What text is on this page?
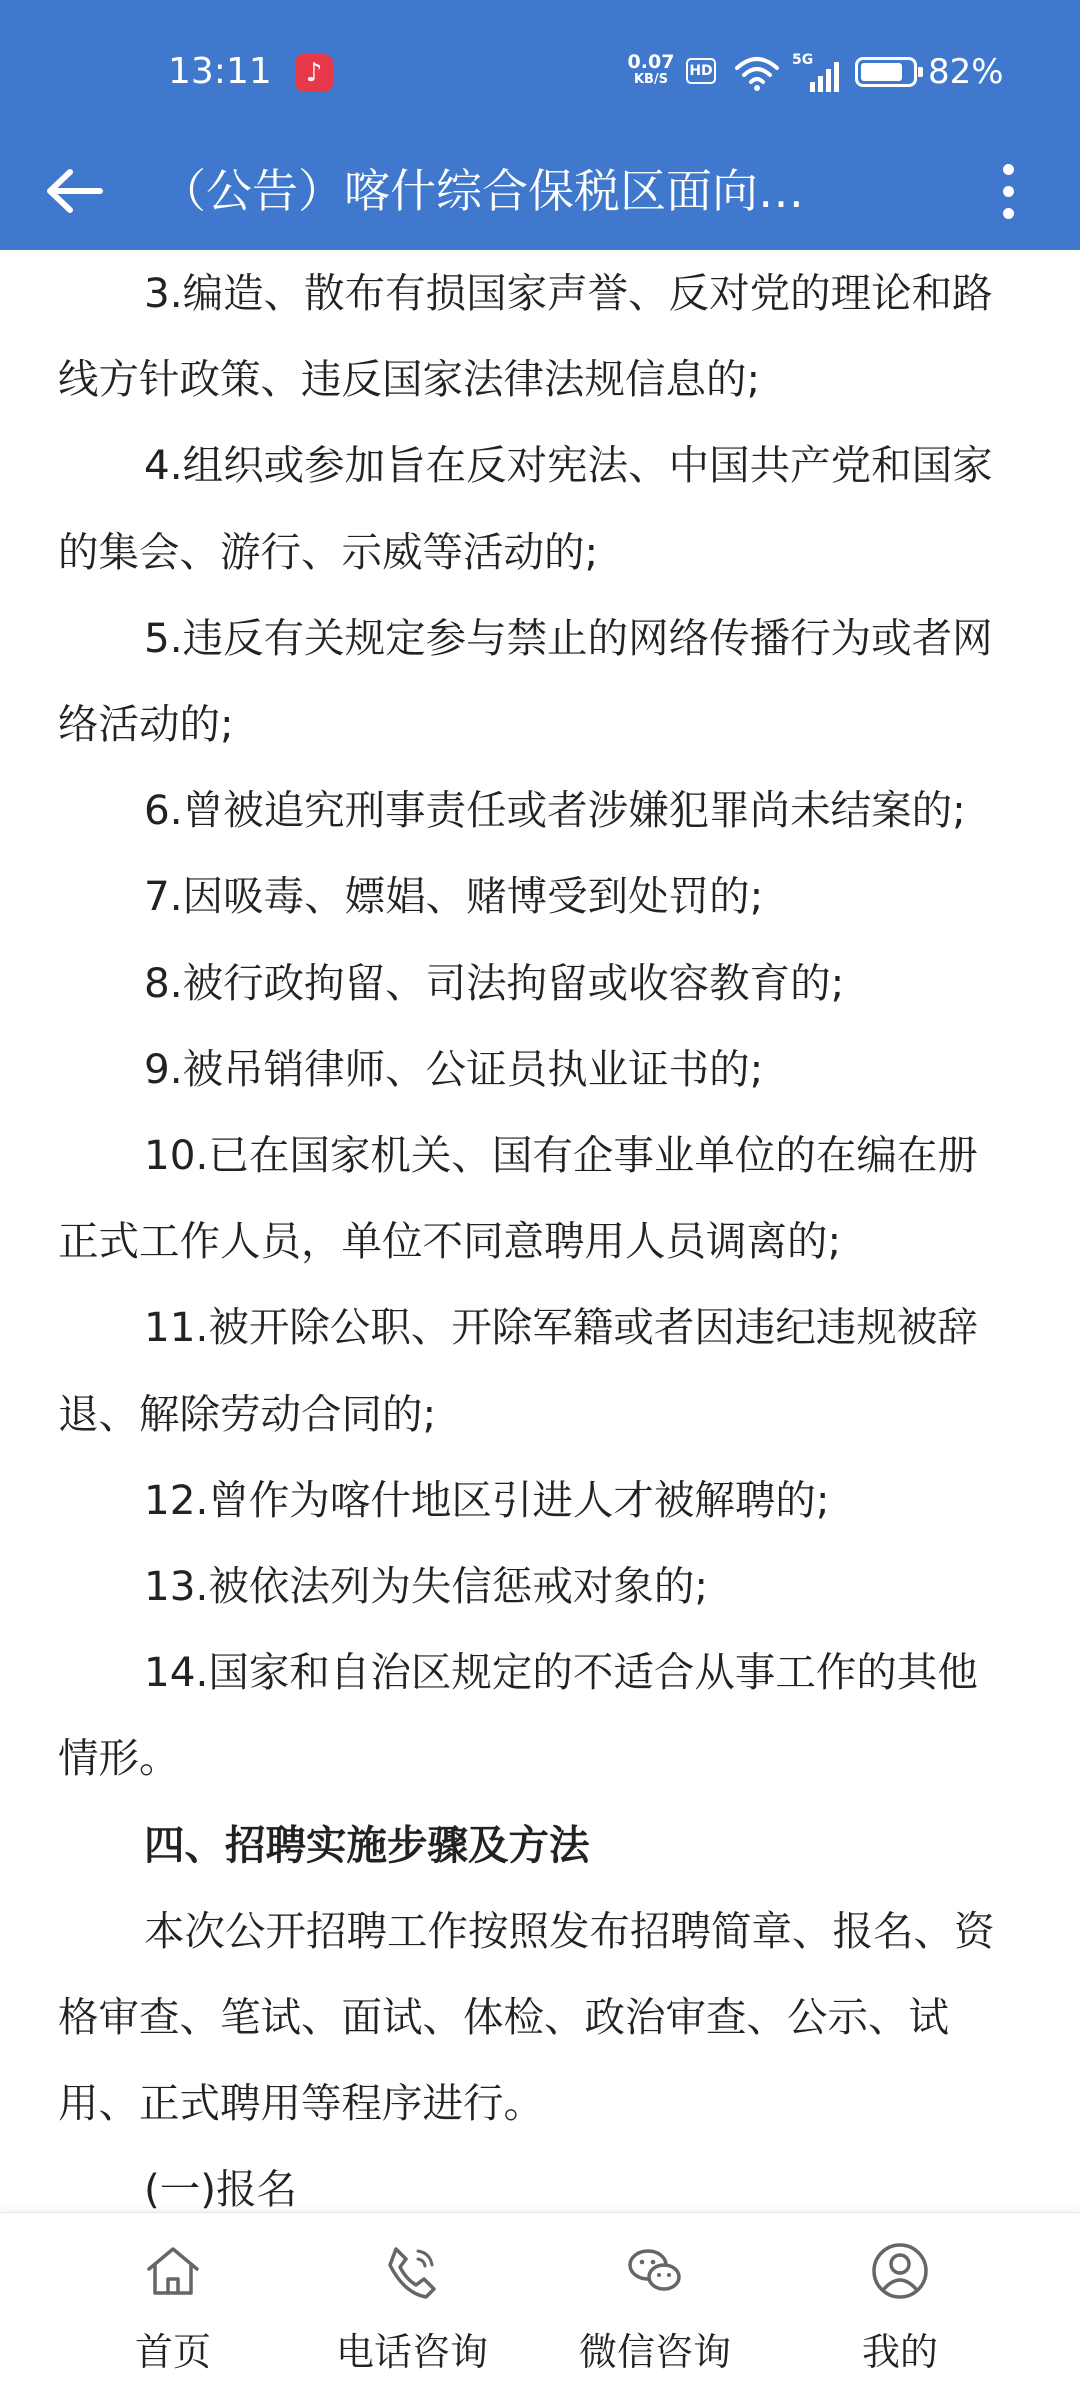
13:11	♪	0.07
KB/S
HD
5G	82%
（公告）喀什综合保税区面向…

3.编造、散布有损国家声誉、反对党的理论和路线方针政策、违反国家法律法规信息的;

4.组织或参加旨在反对宪法、中国共产党和国家的集会、游行、示威等活动的;

5.违反有关规定参与禁止的网络传播行为或者网络活动的;

6.曾被追究刑事责任或者涉嫌犯罪尚未结案的;

7.因吸毒、嫖娼、赌博受到处罚的;

8.被行政拘留、司法拘留或收容教育的;

9.被吊销律师、公证员执业证书的;

10.已在国家机关、国有企事业单位的在编在册正式工作人员，单位不同意聘用人员调离的;

11.被开除公职、开除军籍或者因违纪违规被辞退、解除劳动合同的;

12.曾作为喀什地区引进人才被解聘的;

13.被依法列为失信惩戒对象的;

14.国家和自治区规定的不适合从事工作的其他情形。

四、招聘实施步骤及方法

本次公开招聘工作按照发布招聘简章、报名、资格审查、笔试、面试、体检、政治审查、公示、试用、正式聘用等程序进行。

(一)报名

首页	电话咨询	微信咨询	我的
